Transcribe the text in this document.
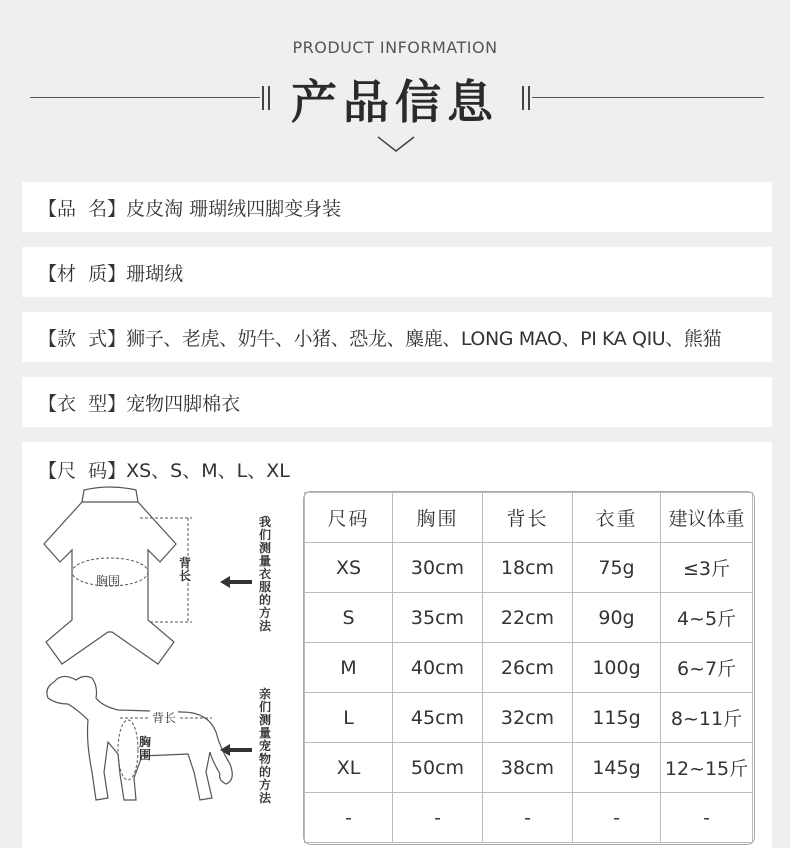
PRODUCT INFORMATION
产品信息
【品  名】 皮皮淘 珊瑚绒四脚变身装
【材  质】 珊瑚绒
【款  式】 狮子、老虎、奶牛、小猪、恐龙、麋鹿、LONG MAO、PI KA QIU、熊猫
【衣  型】 宠物四脚棉衣
【尺  码】XS、S、M、L、XL
背长
胸围
我们测量衣服的方法
背长
胸围
亲们测量宠物的方法
尺码	胸围	背长	衣重	建议体重
XS	30cm	18cm	75g	≤3斤
S	35cm	22cm	90g	4~5斤
M	40cm	26cm	100g	6~7斤
L	45cm	32cm	115g	8~11斤
XL	50cm	38cm	145g	12~15斤
-	-	-	-	-
